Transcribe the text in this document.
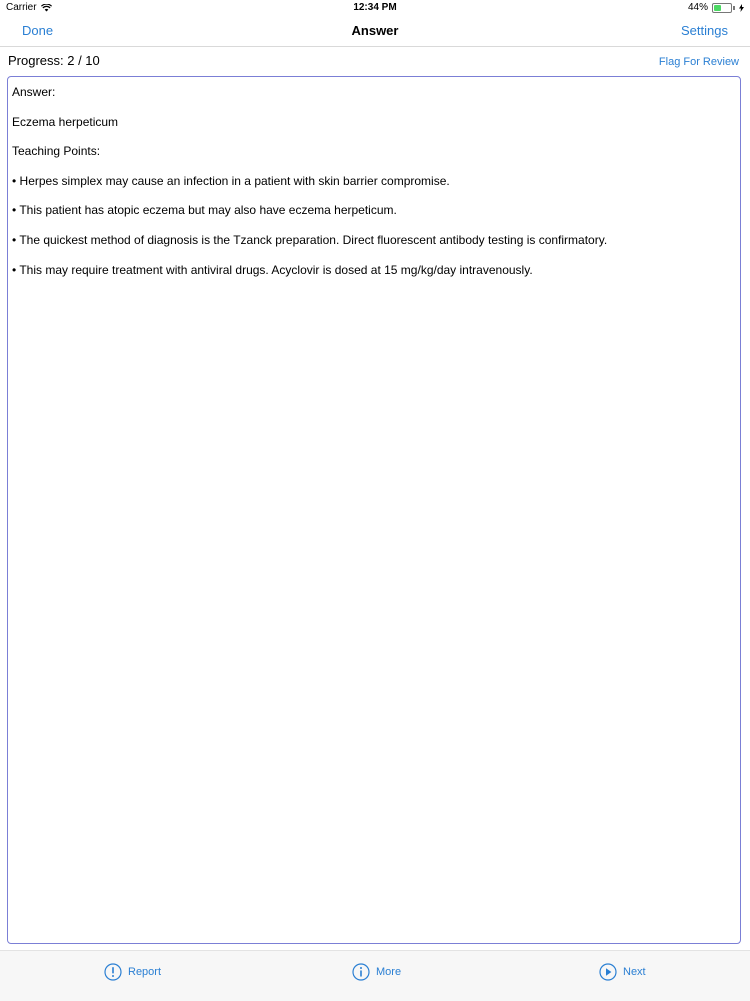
Carrier	12:34 PM	44%
Done	Answer	Settings
Progress: 2 / 10	Flag For Review

Answer:

Eczema herpeticum

Teaching Points:

• Herpes simplex may cause an infection in a patient with skin barrier compromise.

• This patient has atopic eczema but may also have eczema herpeticum.

• The quickest method of diagnosis is the Tzanck preparation. Direct fluorescent antibody testing is confirmatory.

• This may require treatment with antiviral drugs. Acyclovir is dosed at 15 mg/kg/day intravenously.

Report	More	Next
